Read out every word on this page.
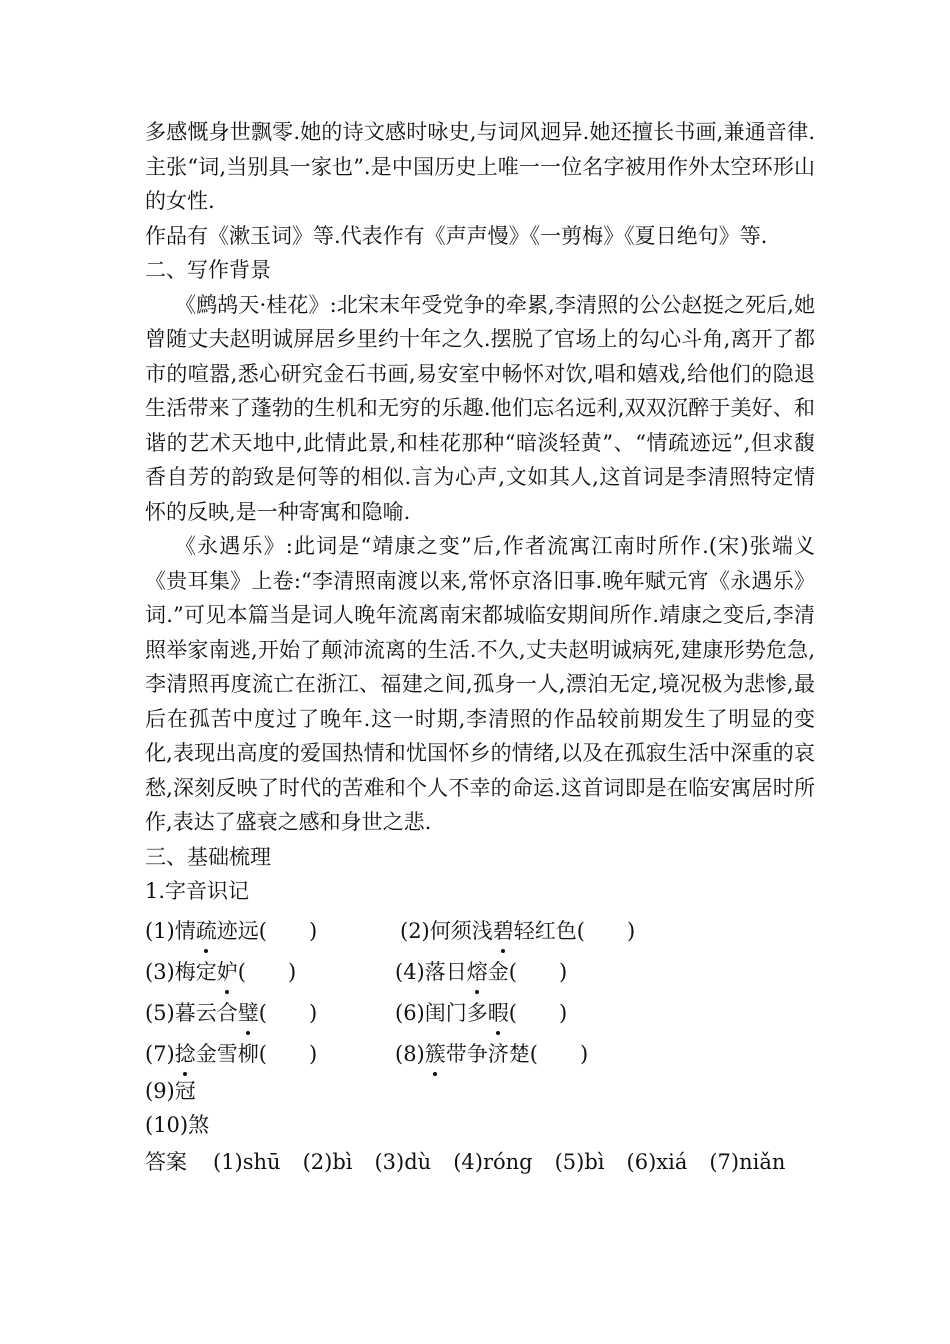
多感慨身世飘零.她的诗文感时咏史,与词风迥异.她还擅长书画,兼通音律.主张“词,当别具一家也”.是中国历史上唯一一位名字被用作外太空环形山的女性.

作品有《漱玉词》等.代表作有《声声慢》《一剪梅》《夏日绝句》等.

二、写作背景

《鹧鸪天·桂花》:北宋末年受党争的牵累,李清照的公公赵挺之死后,她曾随丈夫赵明诚屏居乡里约十年之久.摆脱了官场上的勾心斗角,离开了都市的喧嚣,悉心研究金石书画,易安室中畅怀对饮,唱和嬉戏,给他们的隐退生活带来了蓬勃的生机和无穷的乐趣.他们忘名远利,双双沉醉于美好、和谐的艺术天地中,此情此景,和桂花那种“暗淡轻黄”、“情疏迹远”,但求馥香自芳的韵致是何等的相似.言为心声,文如其人,这首词是李清照特定情怀的反映,是一种寄寓和隐喻.

《永遇乐》:此词是“靖康之变”后,作者流寓江南时所作.(宋)张端义《贵耳集》上卷:“李清照南渡以来,常怀京洛旧事.晚年赋元宵《永遇乐》词.”可见本篇当是词人晚年流离南宋都城临安期间所作.靖康之变后,李清照举家南逃,开始了颠沛流离的生活.不久,丈夫赵明诚病死,建康形势危急,李清照再度流亡在浙江、福建之间,孤身一人,漂泊无定,境况极为悲惨,最后在孤苦中度过了晚年.这一时期,李清照的作品较前期发生了明显的变化,表现出高度的爱国热情和忧国怀乡的情绪,以及在孤寂生活中深重的哀愁,深刻反映了时代的苦难和个人不幸的命运.这首词即是在临安寓居时所作,表达了盛衰之感和身世之悲.

三、基础梳理

1.字音识记

(1)情疏迹远(　　)	(2)何须浅碧轻红色(　　)
(3)梅定妒(　　)	(4)落日熔金(　　)
(5)暮云合璧(　　)	(6)闺门多暇(　　)
(7)捻金雪柳(　　)	(8)簇带争济楚(　　)
(9)冠
(10)煞
答案 (1)shū (2)bì (3)dù (4)róng (5)bì (6)xiá (7)niǎn
